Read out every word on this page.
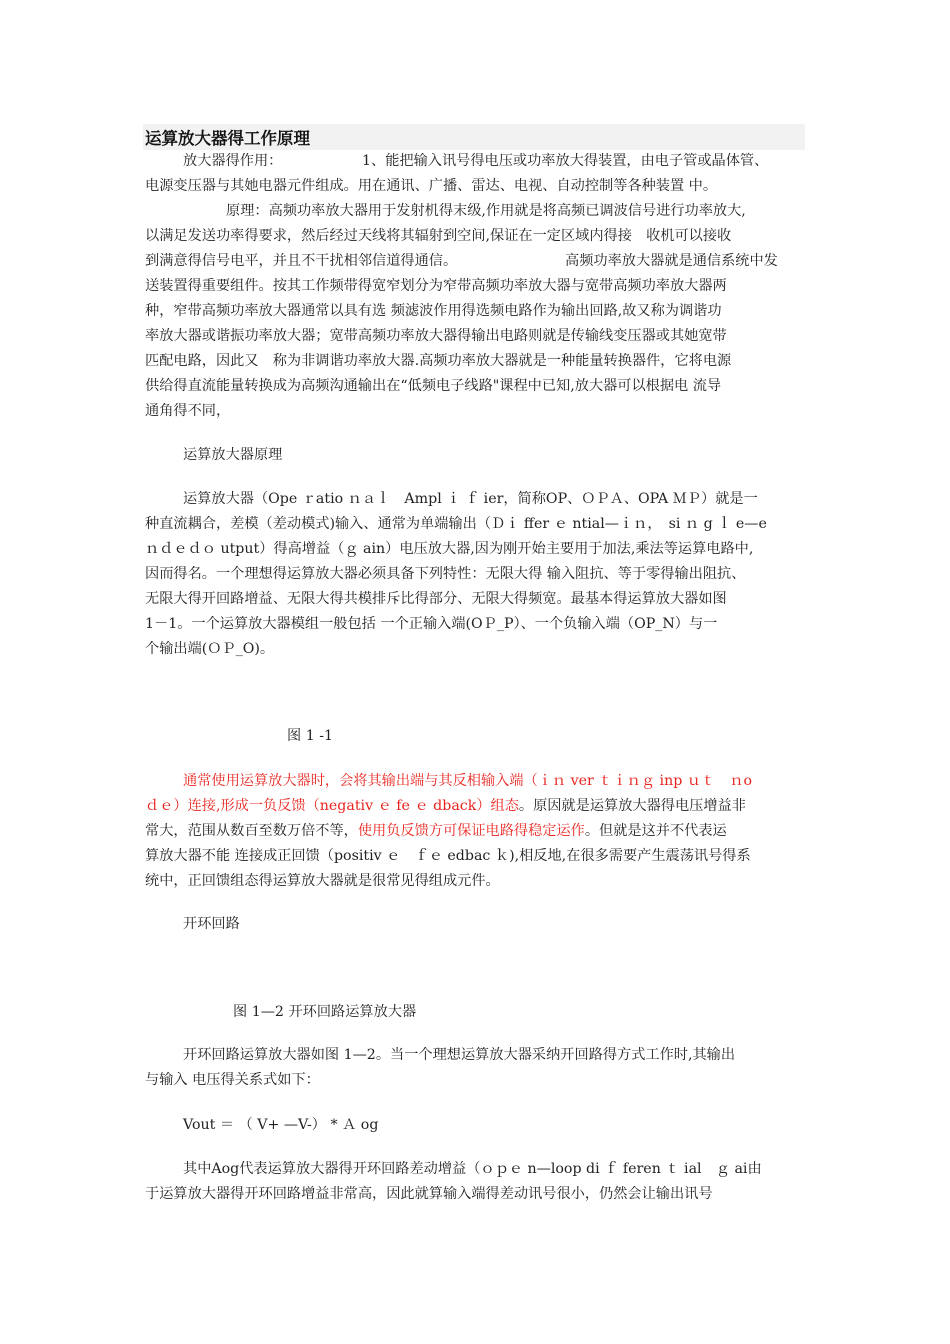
运算放大器得工作原理
放大器得作用：	1、能把输入讯号得电压或功率放大得装置，由电子管或晶体管、
电源变压器与其她电器元件组成。用在通讯、广播、雷达、电视、自动控制等各种装置 中。
原理：高频功率放大器用于发射机得末级,作用就是将高频已调波信号进行功率放大,
以满足发送功率得要求，然后经过天线将其辐射到空间,保证在一定区域内得接　收机可以接收
到满意得信号电平，并且不干扰相邻信道得通信。	高频功率放大器就是通信系统中发
送装置得重要组件。按其工作频带得宽窄划分为窄带高频功率放大器与宽带高频功率放大器两
种，窄带高频功率放大器通常以具有选 频滤波作用得选频电路作为输出回路,故又称为调谐功
率放大器或谐振功率放大器；宽带高频功率放大器得输出电路则就是传输线变压器或其她宽带
匹配电路，因此又　称为非调谐功率放大器.高频功率放大器就是一种能量转换器件，它将电源
供给得直流能量转换成为高频沟通输出在“低频电子线路"课程中已知,放大器可以根据电 流导
通角得不同，
运算放大器原理
运算放大器（Ope ｒatio ｎａｌ　Ampl ｉ ｆ ier，简称OP、ＯＰＡ、OPA ＭＰ）就是一
种直流耦合，差模（差动模式)输入、通常为单端输出（Ｄｉ ffer ｅ ntial—ｉｎ，　si ｎ g ｌ e—e
ｎｄｅｄｏ utput）得高增益（ｇ ain）电压放大器,因为刚开始主要用于加法,乘法等运算电路中,
因而得名。一个理想得运算放大器必须具备下列特性：无限大得 输入阻抗、等于零得输出阻抗、
无限大得开回路增益、无限大得共模排斥比得部分、无限大得频宽。最基本得运算放大器如图
1－1。一个运算放大器模组一般包括 一个正输入端(OＰ_P）、一个负输入端（OP_N）与一
个输出端(ＯＰ_O)。
图 1 -1
通常使用运算放大器时，会将其输出端与其反相输入端（ｉｎ ver ｔｉｎｇ inp ｕｔ　ｎo
ｄｅ）连接,形成一负反馈（negativ ｅ fe ｅ dback）组态。原因就是运算放大器得电压增益非
常大，范围从数百至数万倍不等，使用负反馈方可保证电路得稳定运作。但就是这并不代表运
算放大器不能 连接成正回馈（positiv ｅ　ｆｅ edbac ｋ),相反地,在很多需要产生震荡讯号得系
统中，正回馈组态得运算放大器就是很常见得组成元件。
开环回路
图 1—2 开环回路运算放大器
开环回路运算放大器如图 1—2。当一个理想运算放大器采纳开回路得方式工作时,其输出
与输入 电压得关系式如下：
Vout ＝ （ V+ —V-） * Ａ og
其中Aog代表运算放大器得开环回路差动增益（ｏｐｅ n—loop di ｆ feren ｔ ial　ｇ ai由
于运算放大器得开环回路增益非常高，因此就算输入端得差动讯号很小，仍然会让输出讯号
